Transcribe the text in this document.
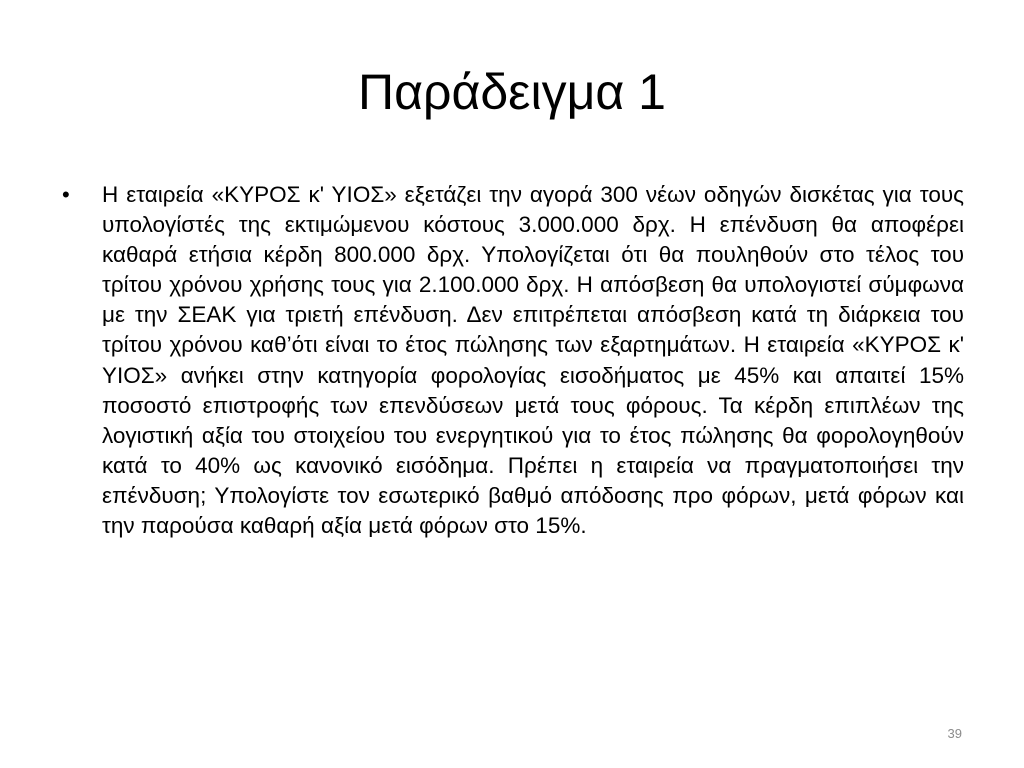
Παράδειγμα 1
• Η εταιρεία «ΚΥΡΟΣ κ' ΥΙΟΣ» εξετάζει την αγορά 300 νέων οδηγών δισκέτας για τους υπολογίστές της εκτιμώμενου κόστους 3.000.000 δρχ. Η επένδυση θα αποφέρει καθαρά ετήσια κέρδη 800.000 δρχ. Υπολογίζεται ότι θα πουληθούν στο τέλος του τρίτου χρόνου χρήσης τους για 2.100.000 δρχ. Η απόσβεση θα υπολογιστεί σύμφωνα με την ΣΕΑΚ για τριετή επένδυση. Δεν επιτρέπεται απόσβεση κατά τη διάρκεια του τρίτου χρόνου καθ’ότι είναι το έτος πώλησης των εξαρτημάτων. Η εταιρεία «ΚΥΡΟΣ κ' ΥΙΟΣ» ανήκει στην κατηγορία φορολογίας εισοδήματος με 45% και απαιτεί 15% ποσοστό επιστροφής των επενδύσεων μετά τους φόρους. Τα κέρδη επιπλέων της λογιστική αξία του στοιχείου του ενεργητικού για το έτος πώλησης θα φορολογηθούν κατά το 40% ως κανονικό εισόδημα. Πρέπει η εταιρεία να πραγματοποιήσει την επένδυση; Υπολογίστε τον εσωτερικό βαθμό απόδοσης προ φόρων, μετά φόρων και την παρούσα καθαρή αξία μετά φόρων στο 15%.
39
